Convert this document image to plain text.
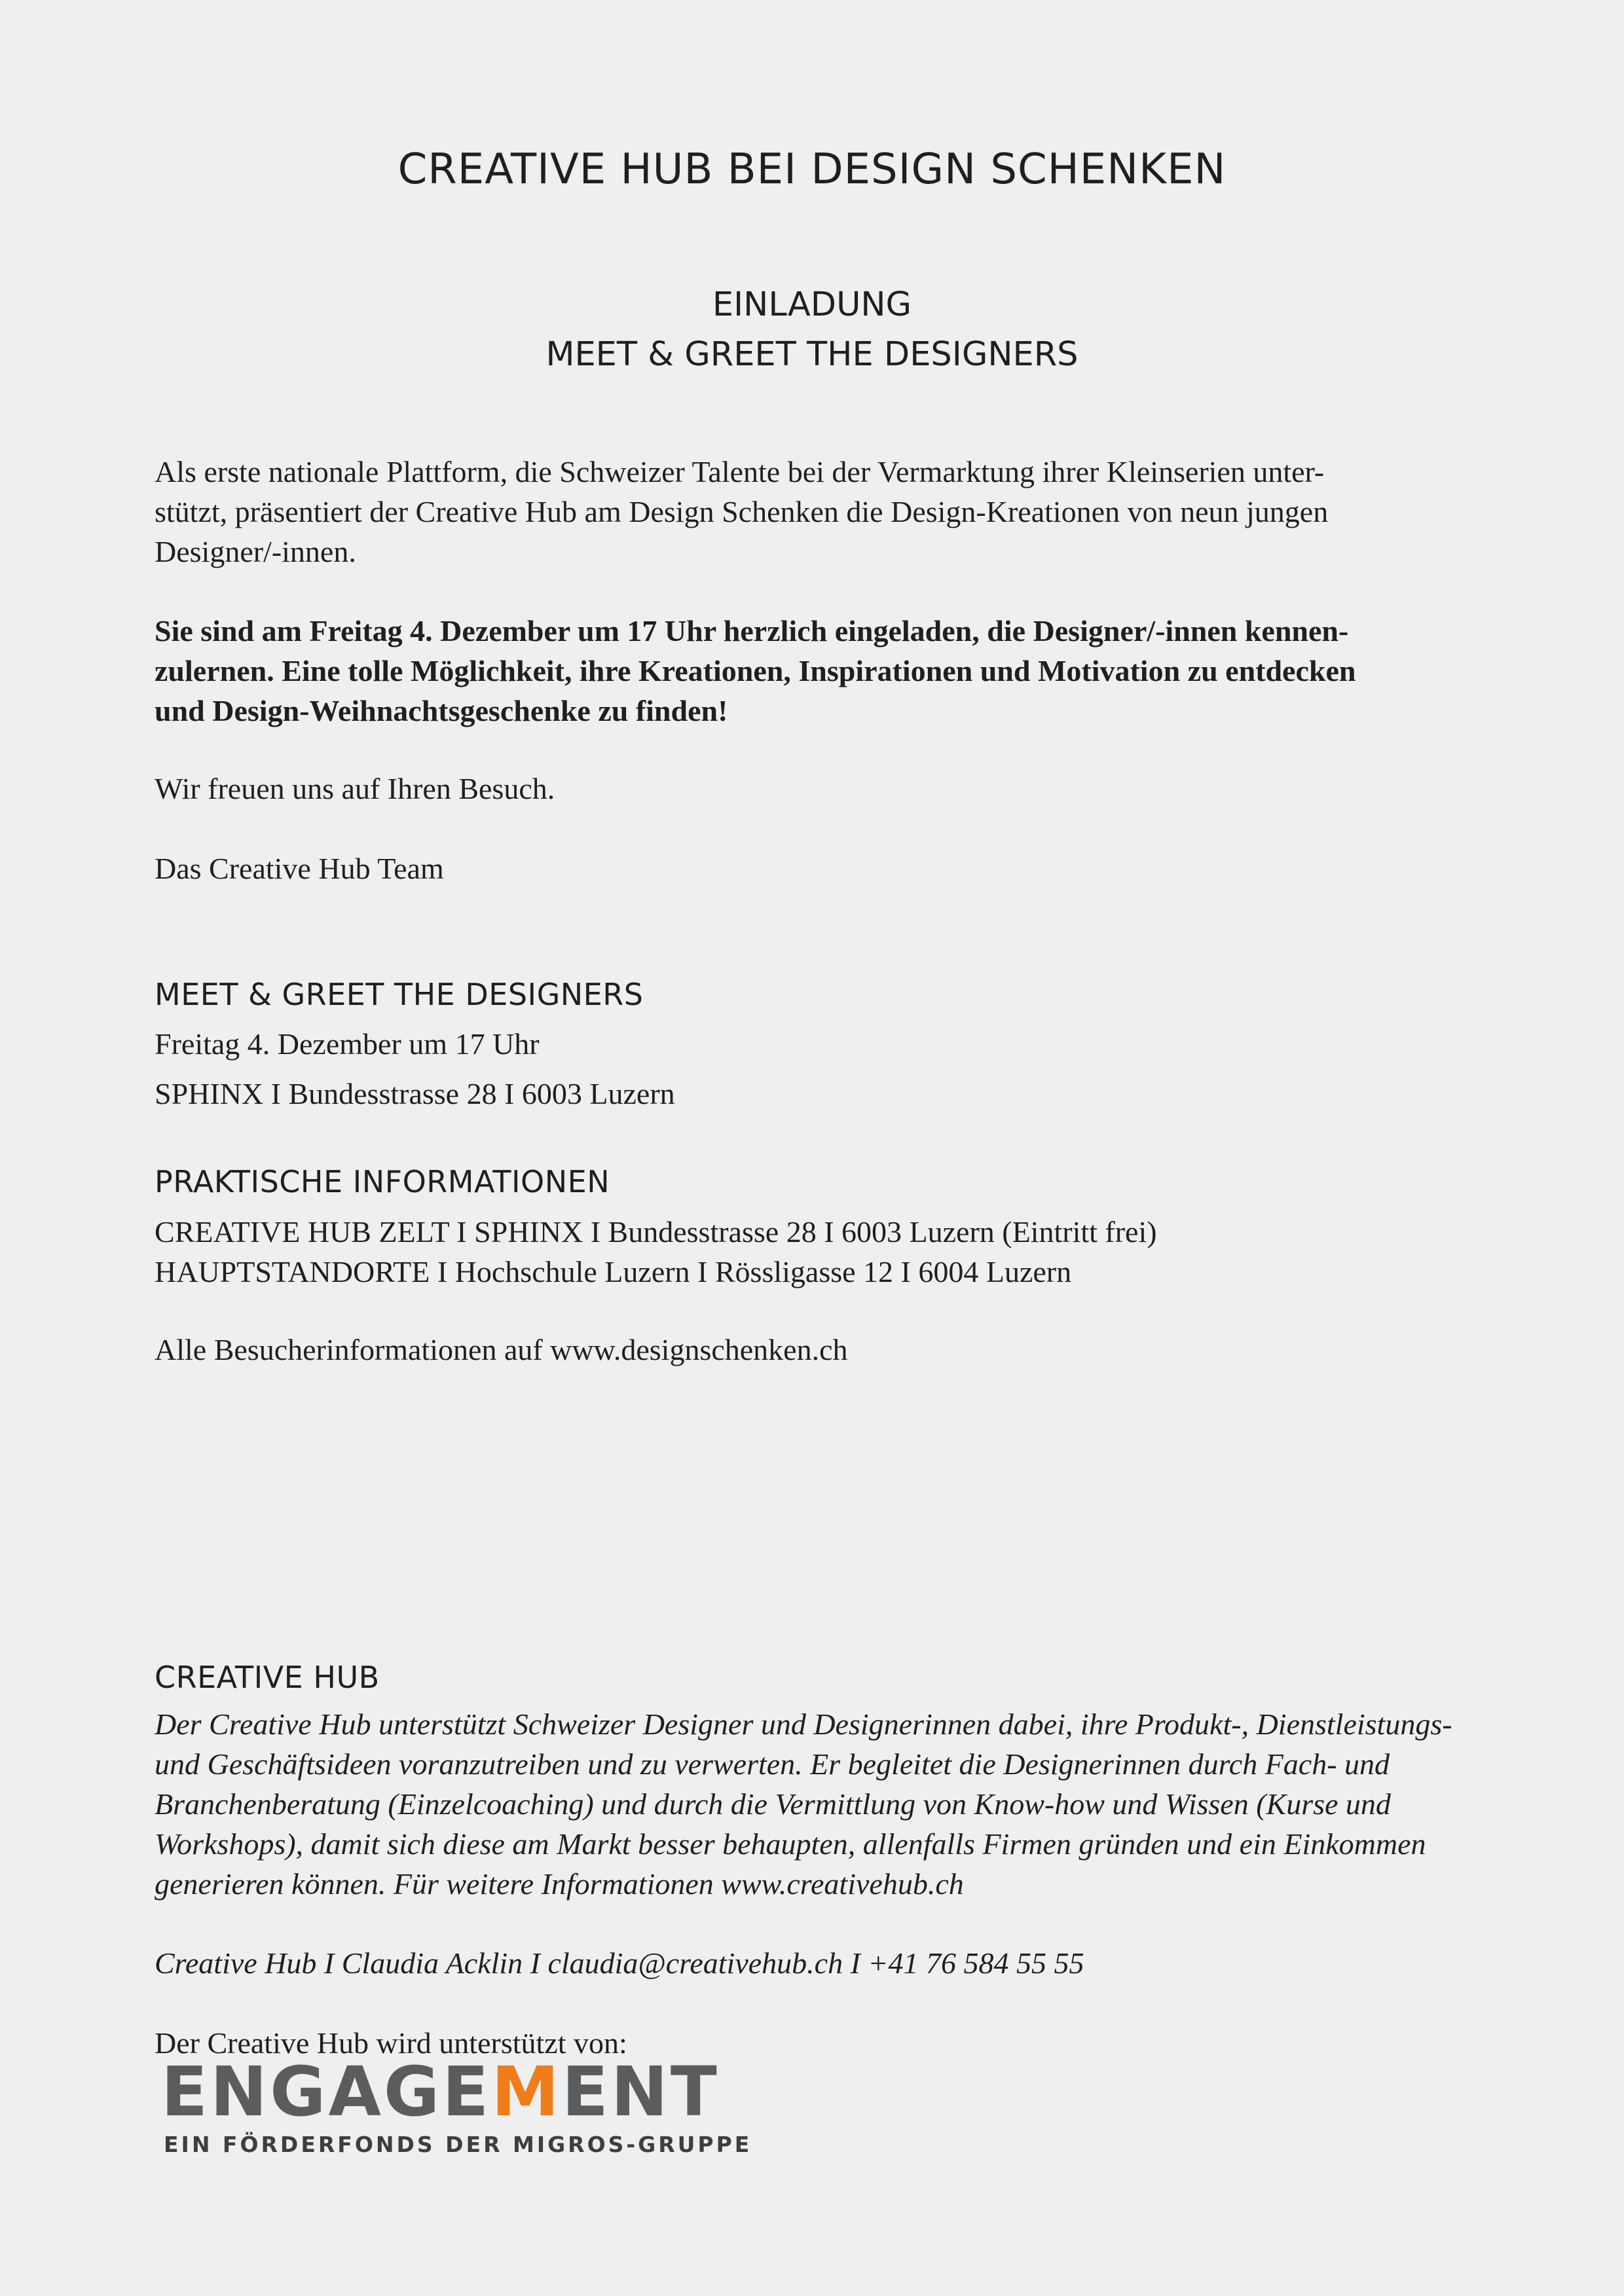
CREATIVE HUB BEI DESIGN SCHENKEN
EINLADUNG
MEET & GREET THE DESIGNERS
Als erste nationale Plattform, die Schweizer Talente bei der Vermarktung ihrer Kleinserien unter-
stützt, präsentiert der Creative Hub am Design Schenken die Design-Kreationen von neun jungen
Designer/-innen.
Sie sind am Freitag 4. Dezember um 17 Uhr herzlich eingeladen, die Designer/-innen kennen-
zulernen. Eine tolle Möglichkeit, ihre Kreationen, Inspirationen und Motivation zu entdecken
und Design-Weihnachtsgeschenke zu finden!
Wir freuen uns auf Ihren Besuch.
Das Creative Hub Team
MEET & GREET THE DESIGNERS
Freitag 4. Dezember um 17 Uhr
SPHINX I Bundesstrasse 28 I 6003 Luzern
PRAKTISCHE INFORMATIONEN
CREATIVE HUB ZELT I SPHINX I Bundesstrasse 28 I 6003 Luzern (Eintritt frei)
HAUPTSTANDORTE I Hochschule Luzern I Rössligasse 12 I 6004 Luzern
Alle Besucherinformationen auf www.designschenken.ch
CREATIVE HUB
Der Creative Hub unterstützt Schweizer Designer und Designerinnen dabei, ihre Produkt-, Dienstleistungs-
und Geschäftsideen voranzutreiben und zu verwerten. Er begleitet die Designerinnen durch Fach- und
Branchenberatung (Einzelcoaching) und durch die Vermittlung von Know-how und Wissen (Kurse und
Workshops), damit sich diese am Markt besser behaupten, allenfalls Firmen gründen und ein Einkommen
generieren können. Für weitere Informationen www.creativehub.ch
Creative Hub I Claudia Acklin I claudia@creativehub.ch I +41 76 584 55 55
Der Creative Hub wird unterstützt von:
ENGAGEMENT
EIN FÖRDERFONDS DER MIGROS-GRUPPE
